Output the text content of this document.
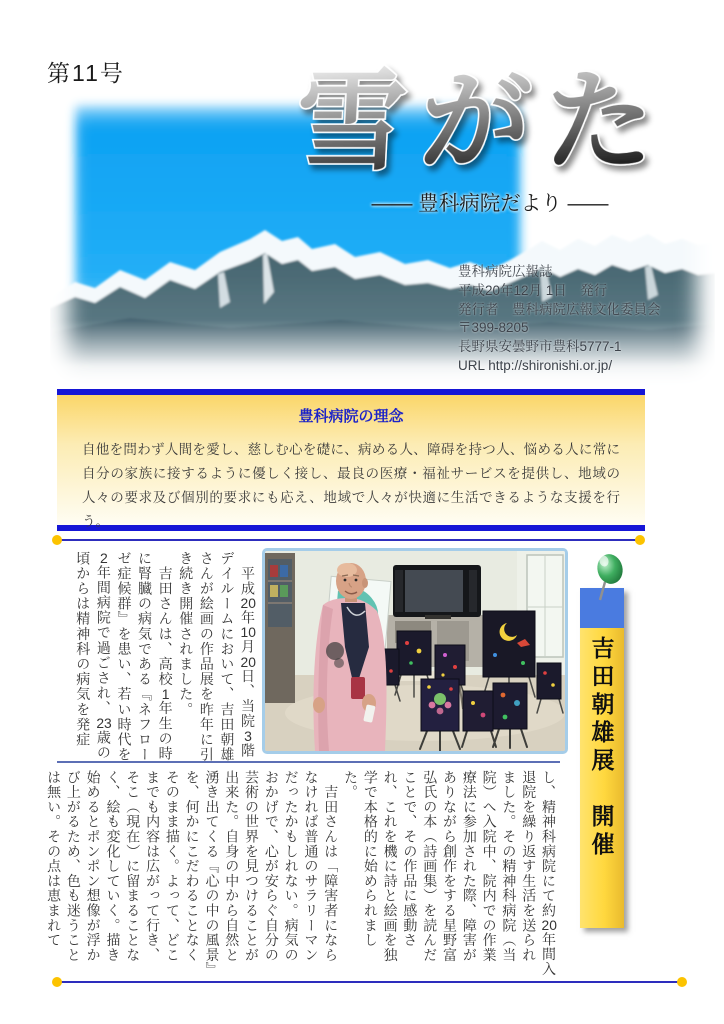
第11号 雪がた
―― 豊科病院だより ――
豊科病院広報誌
平成20年12月 1日　発行
発行者　豊科病院広報文化委員会
〒399-8205
長野県安曇野市豊科5777-1
URL http://shironishi.or.jp/
豊科病院の理念
自他を問わず人間を愛し、慈しむ心を礎に、病める人、障碍を持つ人、悩める人に常に自分の家族に接するように優しく接し、最良の医療・福祉サービスを提供し、地域の人々の要求及び個別的要求にも応え、地域で人々が快適に生活できるような支援を行う。

　平成20年10月20日、当院3階デイルームにおいて、吉田朝雄さんが絵画の作品展を昨年に引き続き開催されました。

　吉田さんは、高校1年生の時に腎臓の病気である『ネフローゼ症候群』を患い、若い時代を2年間病院で過ごされ、23歳の頃からは精神科の病気を発症	吉田朝雄展　開催

し、精神科病院にて約20年間入退院を繰り返す生活を送られました。その精神科病院（当院）へ入院中、院内での作業療法に参加された際、障害がありながら創作をする星野富弘氏の本（詩画集）を読んだことで、その作品に感動され、これを機に詩と絵画を独学で本格的に始められました。

　吉田さんは「障害者にならなければ普通のサラリーマンだったかもしれない。病気のおかげで、心が安らぐ自分の芸術の世界を見つけることが出来た。自身の中から自然と湧き出てくる『心の中の風景』を、何かにこだわることなくそのまま描く。よって、どこまでも内容は広がって行き、そこ（現在）に留まることなく、絵も変化していく。描き始めるとポンポン想像が浮かび上がるため、色も迷うことは無い。その点は恵まれて
